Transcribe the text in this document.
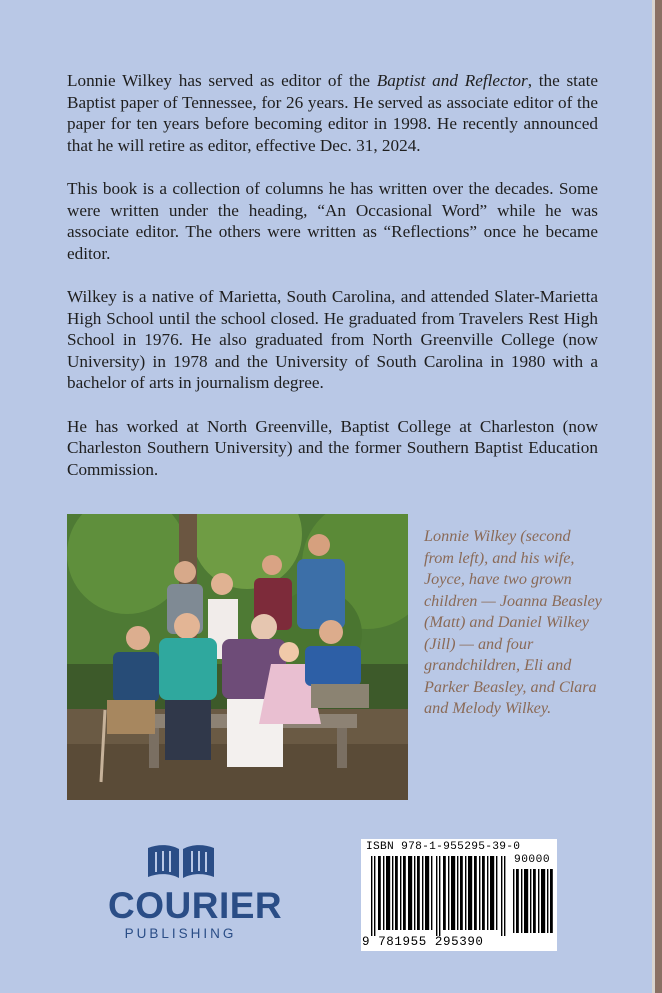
Lonnie Wilkey has served as editor of the Baptist and Reflector, the state Baptist paper of Tennessee, for 26 years. He served as associate editor of the paper for ten years before becoming editor in 1998. He recently announced that he will retire as editor, effective Dec. 31, 2024.

This book is a collection of columns he has written over the decades. Some were written under the heading, “An Occasional Word” while he was associate editor. The others were written as “Reflections” once he became editor.

Wilkey is a native of Marietta, South Carolina, and attended Slater-Marietta High School until the school closed. He graduated from Travelers Rest High School in 1976. He also graduated from North Greenville College (now University) in 1978 and the University of South Carolina in 1980 with a bachelor of arts in journalism degree.

He has worked at North Greenville, Baptist College at Charleston (now Charleston Southern University) and the former Southern Baptist Education Commission.

Lonnie Wilkey (second from left), and his wife, Joyce, have two grown children — Joanna Beasley (Matt) and Daniel Wilkey (Jill) — and four grandchildren, Eli and Parker Beasley, and Clara and Melody Wilkey.
COURIER
PUBLISHING
ISBN 978-1-955295-39-0
90000
9 781955 295390
